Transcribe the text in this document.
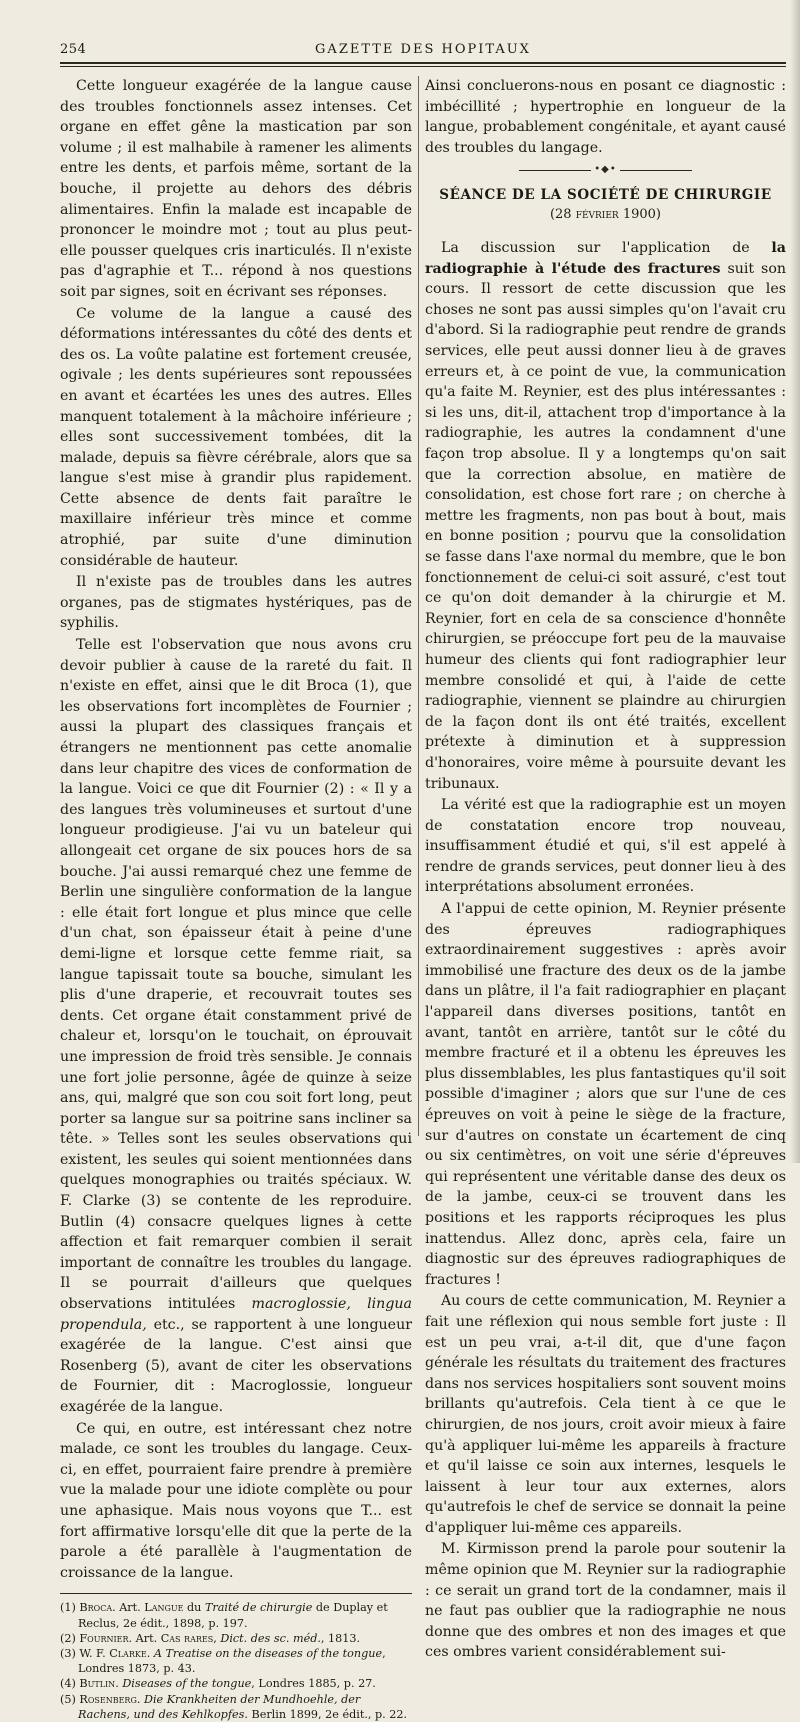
254	GAZETTE DES HOPITAUX

Cette longueur exagérée de la langue cause des troubles fonctionnels assez intenses. Cet organe en effet gêne la mastication par son volume ; il est malhabile à ramener les aliments entre les dents, et parfois même, sortant de la bouche, il projette au dehors des débris alimentaires. Enfin la malade est incapable de prononcer le moindre mot ; tout au plus peut-elle pousser quelques cris inarticulés. Il n'existe pas d'agraphie et T... répond à nos questions soit par signes, soit en écrivant ses réponses.

Ce volume de la langue a causé des déformations intéressantes du côté des dents et des os. La voûte palatine est fortement creusée, ogivale ; les dents supérieures sont repoussées en avant et écartées les unes des autres. Elles manquent totalement à la mâchoire inférieure ; elles sont successivement tombées, dit la malade, depuis sa fièvre cérébrale, alors que sa langue s'est mise à grandir plus rapidement. Cette absence de dents fait paraître le maxillaire inférieur très mince et comme atrophié, par suite d'une diminution considérable de hauteur.

Il n'existe pas de troubles dans les autres organes, pas de stigmates hystériques, pas de syphilis.

Telle est l'observation que nous avons cru devoir publier à cause de la rareté du fait. Il n'existe en effet, ainsi que le dit Broca (1), que les observations fort incomplètes de Fournier ; aussi la plupart des classiques français et étrangers ne mentionnent pas cette anomalie dans leur chapitre des vices de conformation de la langue. Voici ce que dit Fournier (2) : « Il y a des langues très volumineuses et surtout d'une longueur prodigieuse. J'ai vu un bateleur qui allongeait cet organe de six pouces hors de sa bouche. J'ai aussi remarqué chez une femme de Berlin une singulière conformation de la langue : elle était fort longue et plus mince que celle d'un chat, son épaisseur était à peine d'une demi-ligne et lorsque cette femme riait, sa langue tapissait toute sa bouche, simulant les plis d'une draperie, et recouvrait toutes ses dents. Cet organe était constamment privé de chaleur et, lorsqu'on le touchait, on éprouvait une impression de froid très sensible. Je connais une fort jolie personne, âgée de quinze à seize ans, qui, malgré que son cou soit fort long, peut porter sa langue sur sa poitrine sans incliner sa tête. » Telles sont les seules observations qui existent, les seules qui soient mentionnées dans quelques monographies ou traités spéciaux. W. F. Clarke (3) se contente de les reproduire. Butlin (4) consacre quelques lignes à cette affection et fait remarquer combien il serait important de connaître les troubles du langage. Il se pourrait d'ailleurs que quelques observations intitulées macroglossie, lingua propendula, etc., se rapportent à une longueur exagérée de la langue. C'est ainsi que Rosenberg (5), avant de citer les observations de Fournier, dit : Macroglossie, longueur exagérée de la langue.

Ce qui, en outre, est intéressant chez notre malade, ce sont les troubles du langage. Ceux-ci, en effet, pourraient faire prendre à première vue la malade pour une idiote complète ou pour une aphasique. Mais nous voyons que T... est fort affirmative lorsqu'elle dit que la perte de la parole a été parallèle à l'augmentation de croissance de la langue.

(1) Broca. Art. Langue du Traité de chirurgie de Duplay et Reclus, 2e édit., 1898, p. 197.
(2) Fournier. Art. Cas rares, Dict. des sc. méd., 1813.
(3) W. F. Clarke. A Treatise on the diseases of the tongue, Londres 1873, p. 43.
(4) Butlin. Diseases of the tongue, Londres 1885, p. 27.
(5) Rosenberg. Die Krankheiten der Mundhoehle, der Rachens, und des Kehlkopfes. Berlin 1899, 2e édit., p. 22.

Ainsi concluerons-nous en posant ce diagnostic : imbécillité ; hypertrophie en longueur de la langue, probablement congénitale, et ayant causé des troubles du langage.

•◆•
SÉANCE DE LA SOCIÉTÉ DE CHIRURGIE
(28 février 1900)

La discussion sur l'application de la radiographie à l'étude des fractures suit son cours. Il ressort de cette discussion que les choses ne sont pas aussi simples qu'on l'avait cru d'abord. Si la radiographie peut rendre de grands services, elle peut aussi donner lieu à de graves erreurs et, à ce point de vue, la communication qu'a faite M. Reynier, est des plus intéressantes : si les uns, dit-il, attachent trop d'importance à la radiographie, les autres la condamnent d'une façon trop absolue. Il y a longtemps qu'on sait que la correction absolue, en matière de consolidation, est chose fort rare ; on cherche à mettre les fragments, non pas bout à bout, mais en bonne position ; pourvu que la consolidation se fasse dans l'axe normal du membre, que le bon fonctionnement de celui-ci soit assuré, c'est tout ce qu'on doit demander à la chirurgie et M. Reynier, fort en cela de sa conscience d'honnête chirurgien, se préoccupe fort peu de la mauvaise humeur des clients qui font radiographier leur membre consolidé et qui, à l'aide de cette radiographie, viennent se plaindre au chirurgien de la façon dont ils ont été traités, excellent prétexte à diminution et à suppression d'honoraires, voire même à poursuite devant les tribunaux.

La vérité est que la radiographie est un moyen de constatation encore trop nouveau, insuffisamment étudié et qui, s'il est appelé à rendre de grands services, peut donner lieu à des interprétations absolument erronées.

A l'appui de cette opinion, M. Reynier présente des épreuves radiographiques extraordinairement suggestives : après avoir immobilisé une fracture des deux os de la jambe dans un plâtre, il l'a fait radiographier en plaçant l'appareil dans diverses positions, tantôt en avant, tantôt en arrière, tantôt sur le côté du membre fracturé et il a obtenu les épreuves les plus dissemblables, les plus fantastiques qu'il soit possible d'imaginer ; alors que sur l'une de ces épreuves on voit à peine le siège de la fracture, sur d'autres on constate un écartement de cinq ou six centimètres, on voit une série d'épreuves qui représentent une véritable danse des deux os de la jambe, ceux-ci se trouvent dans les positions et les rapports réciproques les plus inattendus. Allez donc, après cela, faire un diagnostic sur des épreuves radiographiques de fractures !

Au cours de cette communication, M. Reynier a fait une réflexion qui nous semble fort juste : Il est un peu vrai, a-t-il dit, que d'une façon générale les résultats du traitement des fractures dans nos services hospitaliers sont souvent moins brillants qu'autrefois. Cela tient à ce que le chirurgien, de nos jours, croit avoir mieux à faire qu'à appliquer lui-même les appareils à fracture et qu'il laisse ce soin aux internes, lesquels le laissent à leur tour aux externes, alors qu'autrefois le chef de service se donnait la peine d'appliquer lui-même ces appareils.

M. Kirmisson prend la parole pour soutenir la même opinion que M. Reynier sur la radiographie : ce serait un grand tort de la condamner, mais il ne faut pas oublier que la radiographie ne nous donne que des ombres et non des images et que ces ombres varient considérablement sui-
